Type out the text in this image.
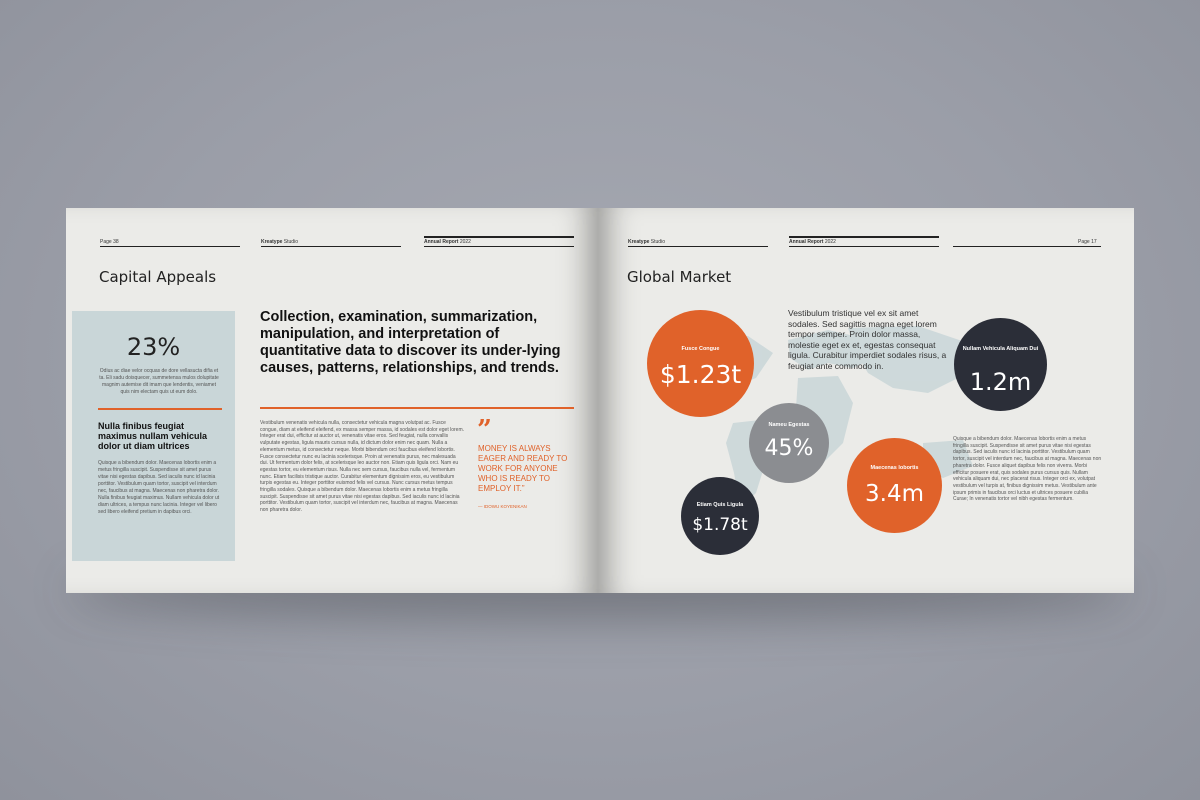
Page 38	Kreatype Studio	Annual Report 2022
Capital Appeals
23%
Odius ac diae velor ocquas de dore vellasucta difia et ta. Eli sadu doisquecer, summetensa mulos dolupitate magnim autemise dit imam que lendentis, veniamet quis nim electam quis ut eum dolo.
Nulla finibus feugiat maximus nullam vehicula dolor ut diam ultrices
Quisque a bibendum dolor. Maecenas lobortis enim a metus fringilla suscipit. Suspendisse sit amet purus vitae nisi egestas dapibus. Sed iaculis nunc id lacinia porttitor. Vestibulum quam tortor, suscipit vel interdum nec, faucibus at magna. Maecenas non pharetra dolor. Nulla finibus feugiat maximus. Nullam vehicula dolor ut diam ultrices, a tempus nunc lacinia. Integer vel libero sed libero eleifend pretium in dapibus orci.
Collection, examination, summarization, manipulation, and interpretation of quantitative data to discover its under-lying causes, patterns, relationships, and trends.
Vestibulum venenatis vehicula nulla, consectetur vehicula magna volutpat ac. Fusce congue, diam at eleifend eleifend, ex massa semper massa, id sodales est dolor eget lorem. Integer erat dui, efficitur at auctor ut, venenatis vitae eros. Sed feugiat, nulla convallis vulputate egestas, ligula mauris cursus nulla, id dictum dolor enim nec quam. Nulla a elementum metus, id consectetur neque. Morbi bibendum orci faucibus eleifend lobortis. Fusce consectetur nunc eu lacinia scelerisque. Proin at venenatis purus, nec malesuada dui. Ut fermentum dolor felis, at scelerisque leo auctor non. Etiam quis ligula orci. Nam eu egestas tortor, eu elementum risus. Nulla nec sem cursus, faucibus nulla vel, fermentum nunc. Etiam facilisis tristique auctor. Curabitur elementum dignissim eros, eu vestibulum turpis egestas eu. Integer porttitor euismod felis vel cursus. Nunc cursus metus tempus fringilla sodales. Quisque a bibendum dolor. Maecenas lobortis enim a metus fringilla suscipit. Suspendisse sit amet purus vitae nisi egestas dapibus. Sed iaculis nunc id lacinia porttitor. Vestibulum quam tortor, suscipit vel interdum nec, faucibus at magna. Maecenas non pharetra dolor.
”
MONEY IS ALWAYS EAGER AND READY TO WORK FOR ANYONE WHO IS READY TO EMPLOY IT.”
— IDOWU KOYENIKAN
Kreatype Studio	Annual Report 2022	Page 17
Global Market
Vestibulum tristique vel ex sit amet sodales. Sed sagittis magna eget lorem tempor semper. Proin dolor massa, molestie eget ex et, egestas consequat ligula. Curabitur imperdiet sodales risus, a feugiat ante commodo in.
Fusce Congue
$1.23t
Nullam Vehicula Aliquam Dui
1.2m
Nameu Egestas
45%
Maecenas lobortis
3.4m
Etiam Quis Ligula
$1.78t
Quisque a bibendum dolor. Maecenas lobortis enim a metus fringilla suscipit. Suspendisse sit amet purus vitae nisi egestas dapibus. Sed iaculis nunc id lacinia porttitor. Vestibulum quam tortor, suscipit vel interdum nec, faucibus at magna. Maecenas non pharetra dolor. Fusce aliquet dapibus felis non viverra. Morbi efficitur posuere erat, quis sodales purus cursus quis. Nullam vehicula aliquam dui, nec placerat risus. Integer orci ex, volutpat vestibulum vel turpis at, finibus dignissim metus. Vestibulum ante ipsum primis in faucibus orci luctus et ultrices posuere cubilia Curae; In venenatis tortor vel nibh egestas fermentum.
